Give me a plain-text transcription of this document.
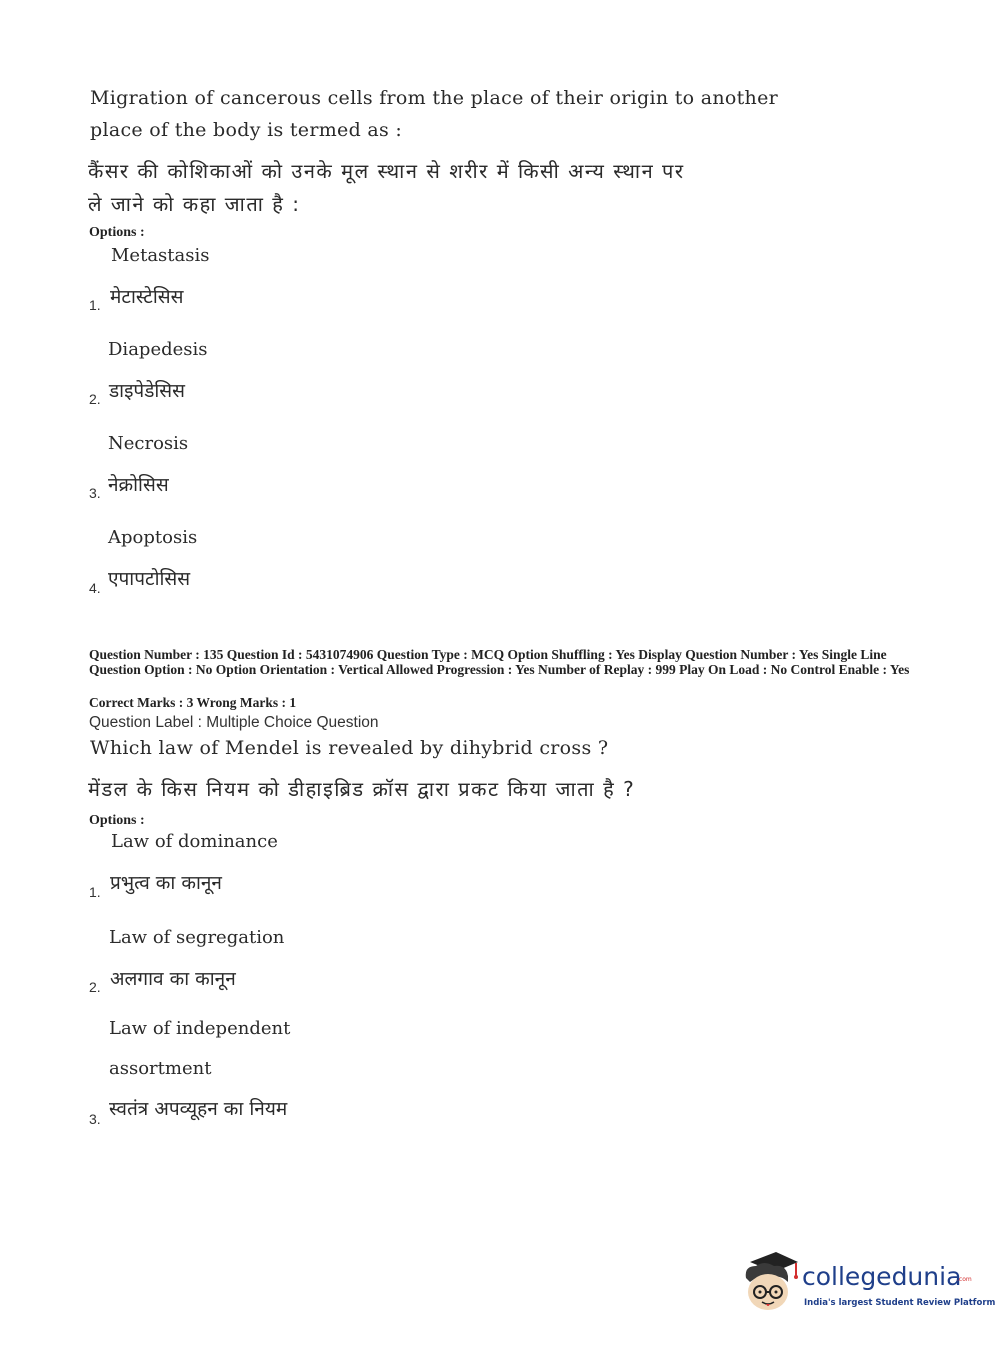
Migration of cancerous cells from the place of their origin to another
place of the body is termed as :
कैंसर की कोशिकाओं को उनके मूल स्थान से शरीर में किसी अन्य स्थान पर
ले जाने को कहा जाता है :
Options :
Metastasis
1. मेटास्टेसिस
Diapedesis
2. डाइपेडेसिस
Necrosis
3. नेक्रोसिस
Apoptosis
4. एपापटोसिस
Question Number : 135 Question Id : 5431074906 Question Type : MCQ Option Shuffling : Yes Display Question Number : Yes Single Line Question Option : No Option Orientation : Vertical Allowed Progression : Yes Number of Replay : 999 Play On Load : No Control Enable : Yes
Correct Marks : 3 Wrong Marks : 1
Question Label : Multiple Choice Question
Which law of Mendel is revealed by dihybrid cross ?
मेंडल के किस नियम को डीहाइब्रिड क्रॉस द्वारा प्रकट किया जाता है ?
Options :
Law of dominance
1. प्रभुत्व का कानून
Law of segregation
2. अलगाव का कानून
Law of independent
assortment
3. स्वतंत्र अपव्यूहन का नियम
collegedunia
.com
India's largest Student Review Platform
